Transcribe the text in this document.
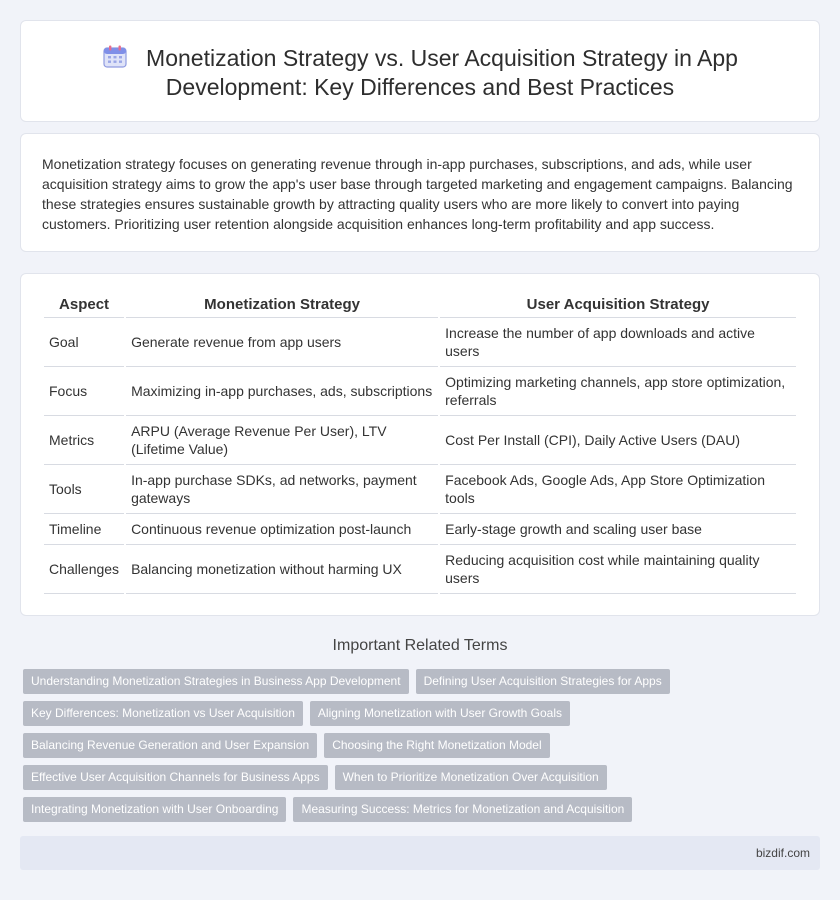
Monetization Strategy vs. User Acquisition Strategy in App Development: Key Differences and Best Practices

Monetization strategy focuses on generating revenue through in-app purchases, subscriptions, and ads, while user acquisition strategy aims to grow the app's user base through targeted marketing and engagement campaigns. Balancing these strategies ensures sustainable growth by attracting quality users who are more likely to convert into paying customers. Prioritizing user retention alongside acquisition enhances long-term profitability and app success.

Aspect	Monetization Strategy	User Acquisition Strategy
Goal	Generate revenue from app users	Increase the number of app downloads and active users
Focus	Maximizing in-app purchases, ads, subscriptions	Optimizing marketing channels, app store optimization, referrals
Metrics	ARPU (Average Revenue Per User), LTV (Lifetime Value)	Cost Per Install (CPI), Daily Active Users (DAU)
Tools	In-app purchase SDKs, ad networks, payment gateways	Facebook Ads, Google Ads, App Store Optimization tools
Timeline	Continuous revenue optimization post-launch	Early-stage growth and scaling user base
Challenges	Balancing monetization without harming UX	Reducing acquisition cost while maintaining quality users
Important Related Terms
Understanding Monetization Strategies in Business App Development	Defining User Acquisition Strategies for Apps
Key Differences: Monetization vs User Acquisition	Aligning Monetization with User Growth Goals
Balancing Revenue Generation and User Expansion	Choosing the Right Monetization Model
Effective User Acquisition Channels for Business Apps	When to Prioritize Monetization Over Acquisition
Integrating Monetization with User Onboarding	Measuring Success: Metrics for Monetization and Acquisition
bizdif.com
